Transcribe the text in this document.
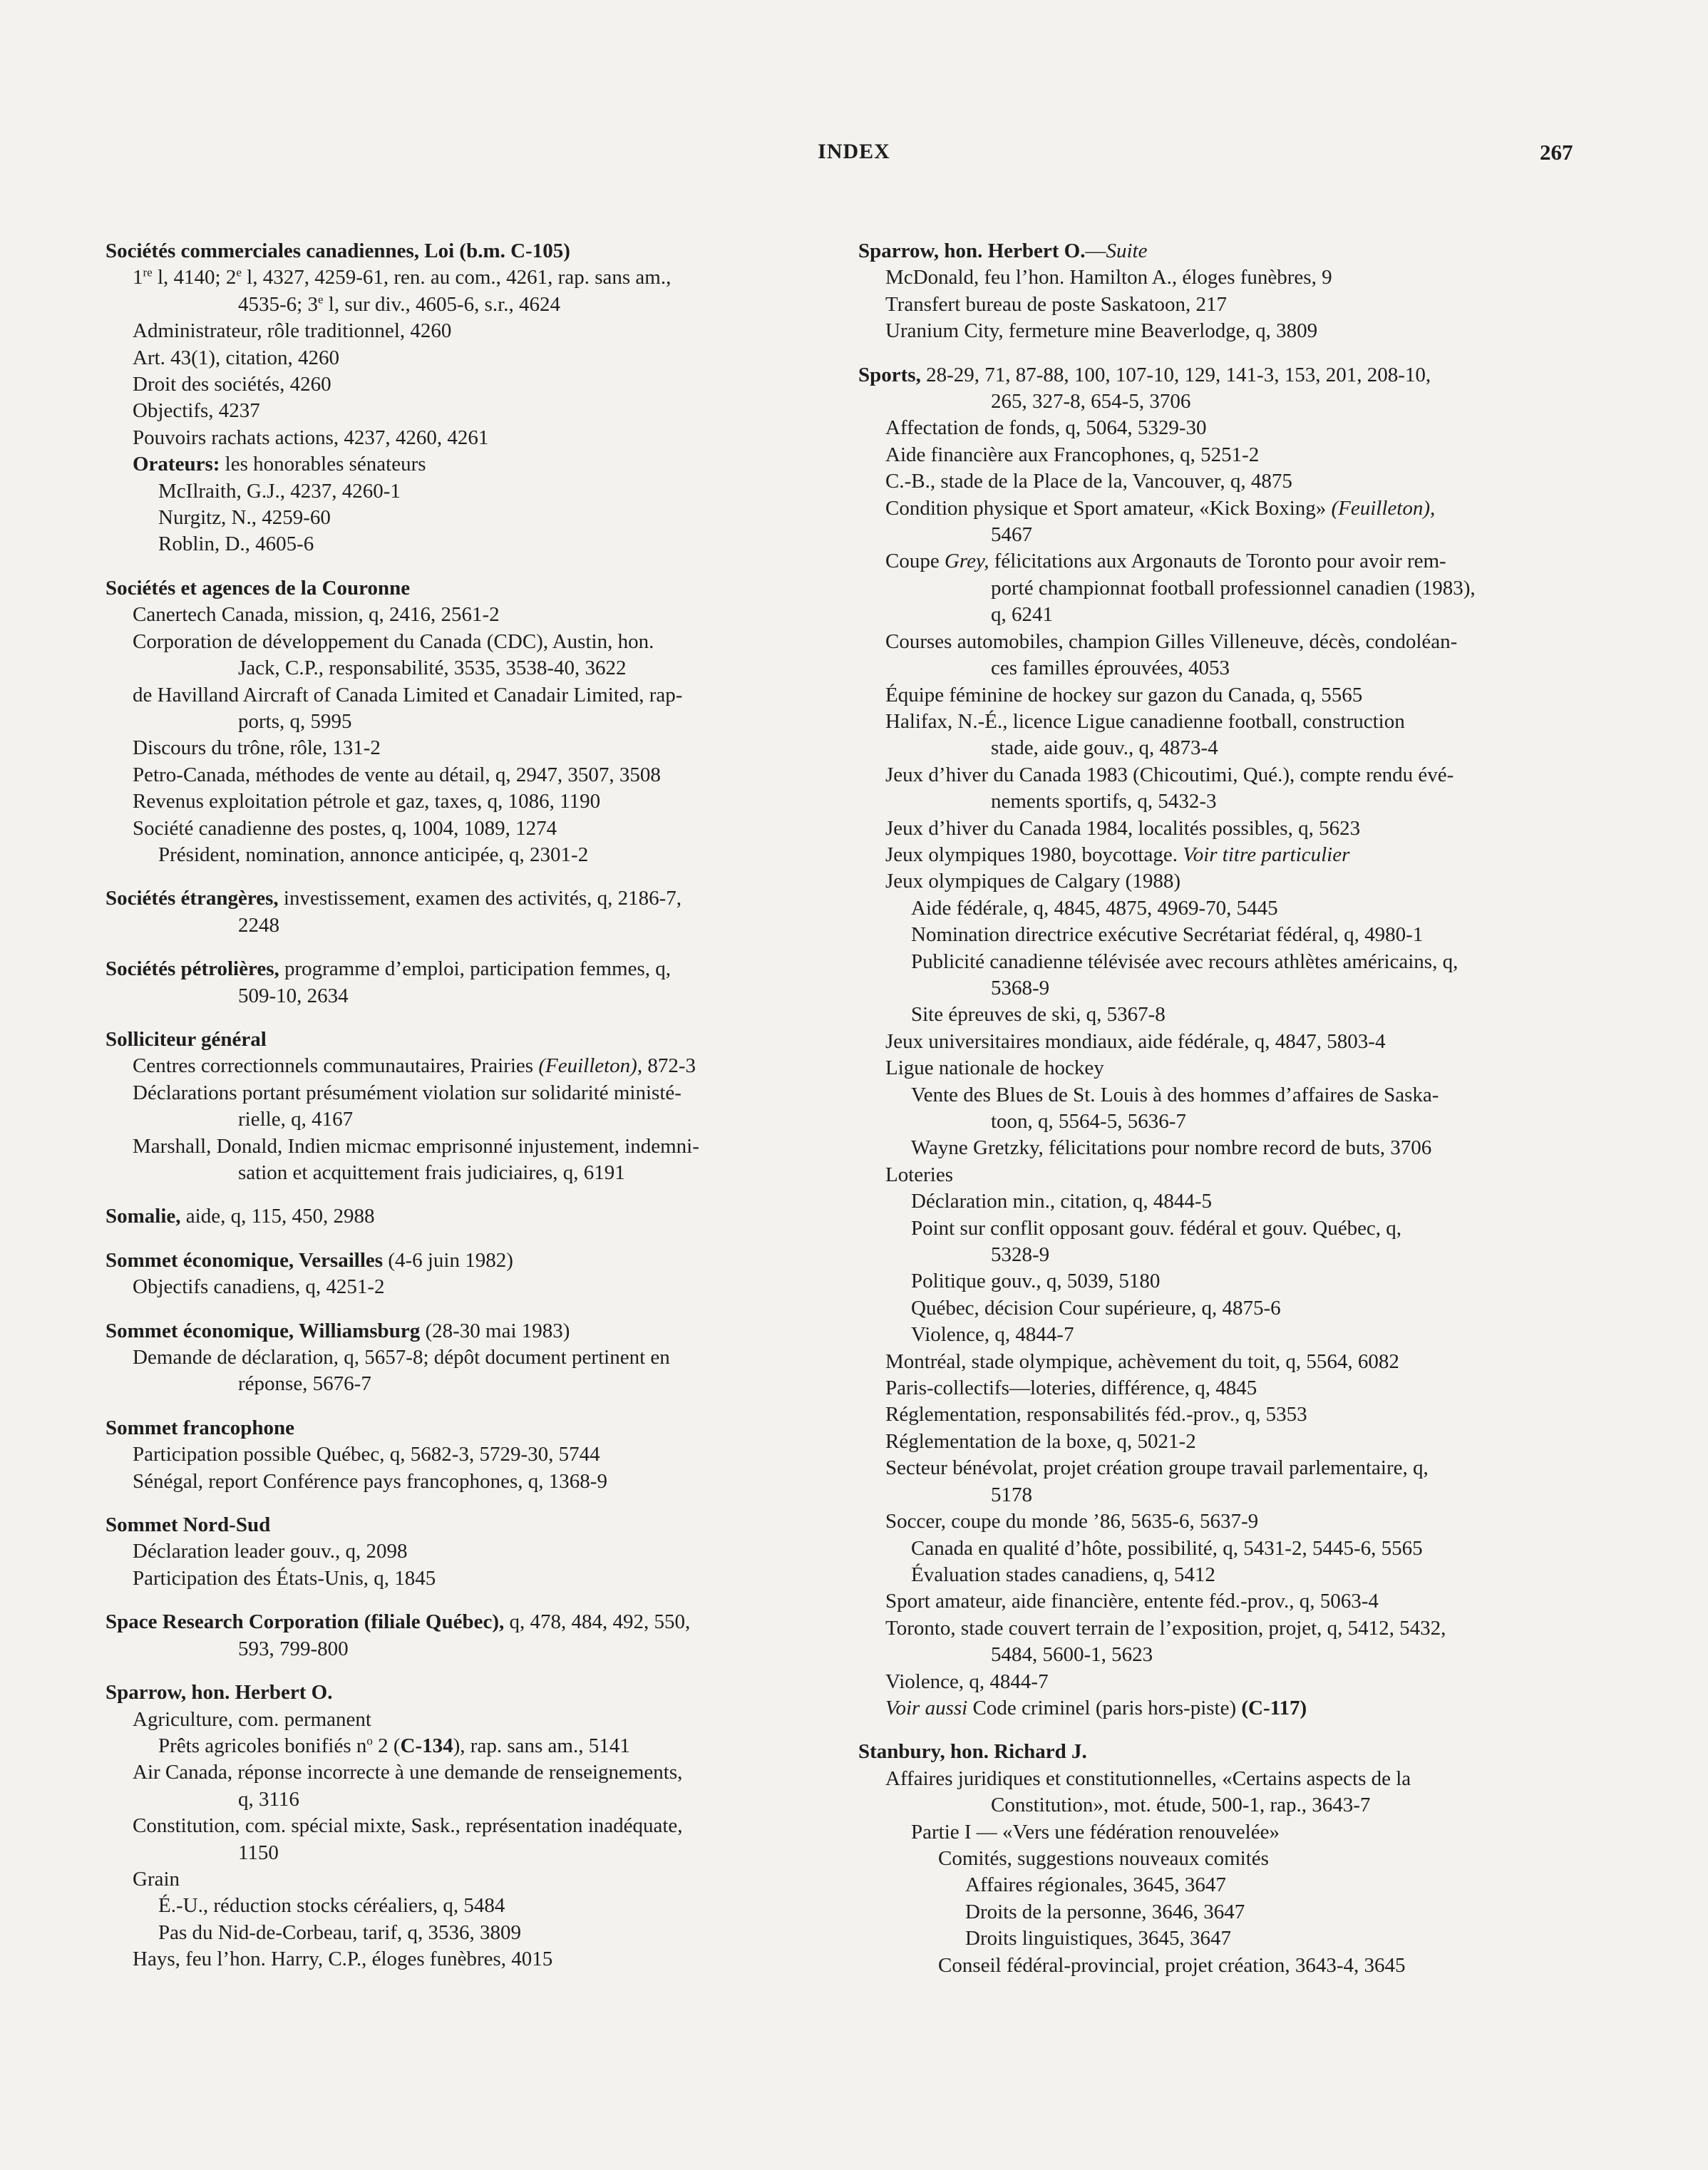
INDEX	267
Sociétés commerciales canadiennes, Loi (b.m. C-105)
1re l, 4140; 2e l, 4327, 4259-61, ren. au com., 4261, rap. sans am.,
4535-6; 3e l, sur div., 4605-6, s.r., 4624
Administrateur, rôle traditionnel, 4260
Art. 43(1), citation, 4260
Droit des sociétés, 4260
Objectifs, 4237
Pouvoirs rachats actions, 4237, 4260, 4261
Orateurs: les honorables sénateurs
McIlraith, G.J., 4237, 4260-1
Nurgitz, N., 4259-60
Roblin, D., 4605-6
Sociétés et agences de la Couronne
Canertech Canada, mission, q, 2416, 2561-2
Corporation de développement du Canada (CDC), Austin, hon.
Jack, C.P., responsabilité, 3535, 3538-40, 3622
de Havilland Aircraft of Canada Limited et Canadair Limited, rap-
ports, q, 5995
Discours du trône, rôle, 131-2
Petro-Canada, méthodes de vente au détail, q, 2947, 3507, 3508
Revenus exploitation pétrole et gaz, taxes, q, 1086, 1190
Société canadienne des postes, q, 1004, 1089, 1274
Président, nomination, annonce anticipée, q, 2301-2
Sociétés étrangères, investissement, examen des activités, q, 2186-7,
2248
Sociétés pétrolières, programme d’emploi, participation femmes, q,
509-10, 2634
Solliciteur général
Centres correctionnels communautaires, Prairies (Feuilleton), 872-3
Déclarations portant présumément violation sur solidarité ministé-
rielle, q, 4167
Marshall, Donald, Indien micmac emprisonné injustement, indemni-
sation et acquittement frais judiciaires, q, 6191
Somalie, aide, q, 115, 450, 2988
Sommet économique, Versailles (4-6 juin 1982)
Objectifs canadiens, q, 4251-2
Sommet économique, Williamsburg (28-30 mai 1983)
Demande de déclaration, q, 5657-8; dépôt document pertinent en
réponse, 5676-7
Sommet francophone
Participation possible Québec, q, 5682-3, 5729-30, 5744
Sénégal, report Conférence pays francophones, q, 1368-9
Sommet Nord-Sud
Déclaration leader gouv., q, 2098
Participation des États-Unis, q, 1845
Space Research Corporation (filiale Québec), q, 478, 484, 492, 550,
593, 799-800
Sparrow, hon. Herbert O.
Agriculture, com. permanent
Prêts agricoles bonifiés $n^o$ 2 (C-134), rap. sans am., 5141
Air Canada, réponse incorrecte à une demande de renseignements,
q, 3116
Constitution, com. spécial mixte, Sask., représentation inadéquate,
1150
Grain
É.-U., réduction stocks céréaliers, q, 5484
Pas du Nid-de-Corbeau, tarif, q, 3536, 3809
Hays, feu l’hon. Harry, C.P., éloges funèbres, 4015
Sparrow, hon. Herbert O.—Suite
McDonald, feu l’hon. Hamilton A., éloges funèbres, 9
Transfert bureau de poste Saskatoon, 217
Uranium City, fermeture mine Beaverlodge, q, 3809
Sports, 28-29, 71, 87-88, 100, 107-10, 129, 141-3, 153, 201, 208-10,
265, 327-8, 654-5, 3706
Affectation de fonds, q, 5064, 5329-30
Aide financière aux Francophones, q, 5251-2
C.-B., stade de la Place de la, Vancouver, q, 4875
Condition physique et Sport amateur, «Kick Boxing» (Feuilleton),
5467
Coupe Grey, félicitations aux Argonauts de Toronto pour avoir rem-
porté championnat football professionnel canadien (1983),
q, 6241
Courses automobiles, champion Gilles Villeneuve, décès, condoléan-
ces familles éprouvées, 4053
Équipe féminine de hockey sur gazon du Canada, q, 5565
Halifax, N.-É., licence Ligue canadienne football, construction
stade, aide gouv., q, 4873-4
Jeux d’hiver du Canada 1983 (Chicoutimi, Qué.), compte rendu évé-
nements sportifs, q, 5432-3
Jeux d’hiver du Canada 1984, localités possibles, q, 5623
Jeux olympiques 1980, boycottage. Voir titre particulier
Jeux olympiques de Calgary (1988)
Aide fédérale, q, 4845, 4875, 4969-70, 5445
Nomination directrice exécutive Secrétariat fédéral, q, 4980-1
Publicité canadienne télévisée avec recours athlètes américains, q,
5368-9
Site épreuves de ski, q, 5367-8
Jeux universitaires mondiaux, aide fédérale, q, 4847, 5803-4
Ligue nationale de hockey
Vente des Blues de St. Louis à des hommes d’affaires de Saska-
toon, q, 5564-5, 5636-7
Wayne Gretzky, félicitations pour nombre record de buts, 3706
Loteries
Déclaration min., citation, q, 4844-5
Point sur conflit opposant gouv. fédéral et gouv. Québec, q,
5328-9
Politique gouv., q, 5039, 5180
Québec, décision Cour supérieure, q, 4875-6
Violence, q, 4844-7
Montréal, stade olympique, achèvement du toit, q, 5564, 6082
Paris-collectifs—loteries, différence, q, 4845
Réglementation, responsabilités féd.-prov., q, 5353
Réglementation de la boxe, q, 5021-2
Secteur bénévolat, projet création groupe travail parlementaire, q,
5178
Soccer, coupe du monde ’86, 5635-6, 5637-9
Canada en qualité d’hôte, possibilité, q, 5431-2, 5445-6, 5565
Évaluation stades canadiens, q, 5412
Sport amateur, aide financière, entente féd.-prov., q, 5063-4
Toronto, stade couvert terrain de l’exposition, projet, q, 5412, 5432,
5484, 5600-1, 5623
Violence, q, 4844-7
Voir aussi Code criminel (paris hors-piste) (C-117)
Stanbury, hon. Richard J.
Affaires juridiques et constitutionnelles, «Certains aspects de la
Constitution», mot. étude, 500-1, rap., 3643-7
Partie I — «Vers une fédération renouvelée»
Comités, suggestions nouveaux comités
Affaires régionales, 3645, 3647
Droits de la personne, 3646, 3647
Droits linguistiques, 3645, 3647
Conseil fédéral-provincial, projet création, 3643-4, 3645
